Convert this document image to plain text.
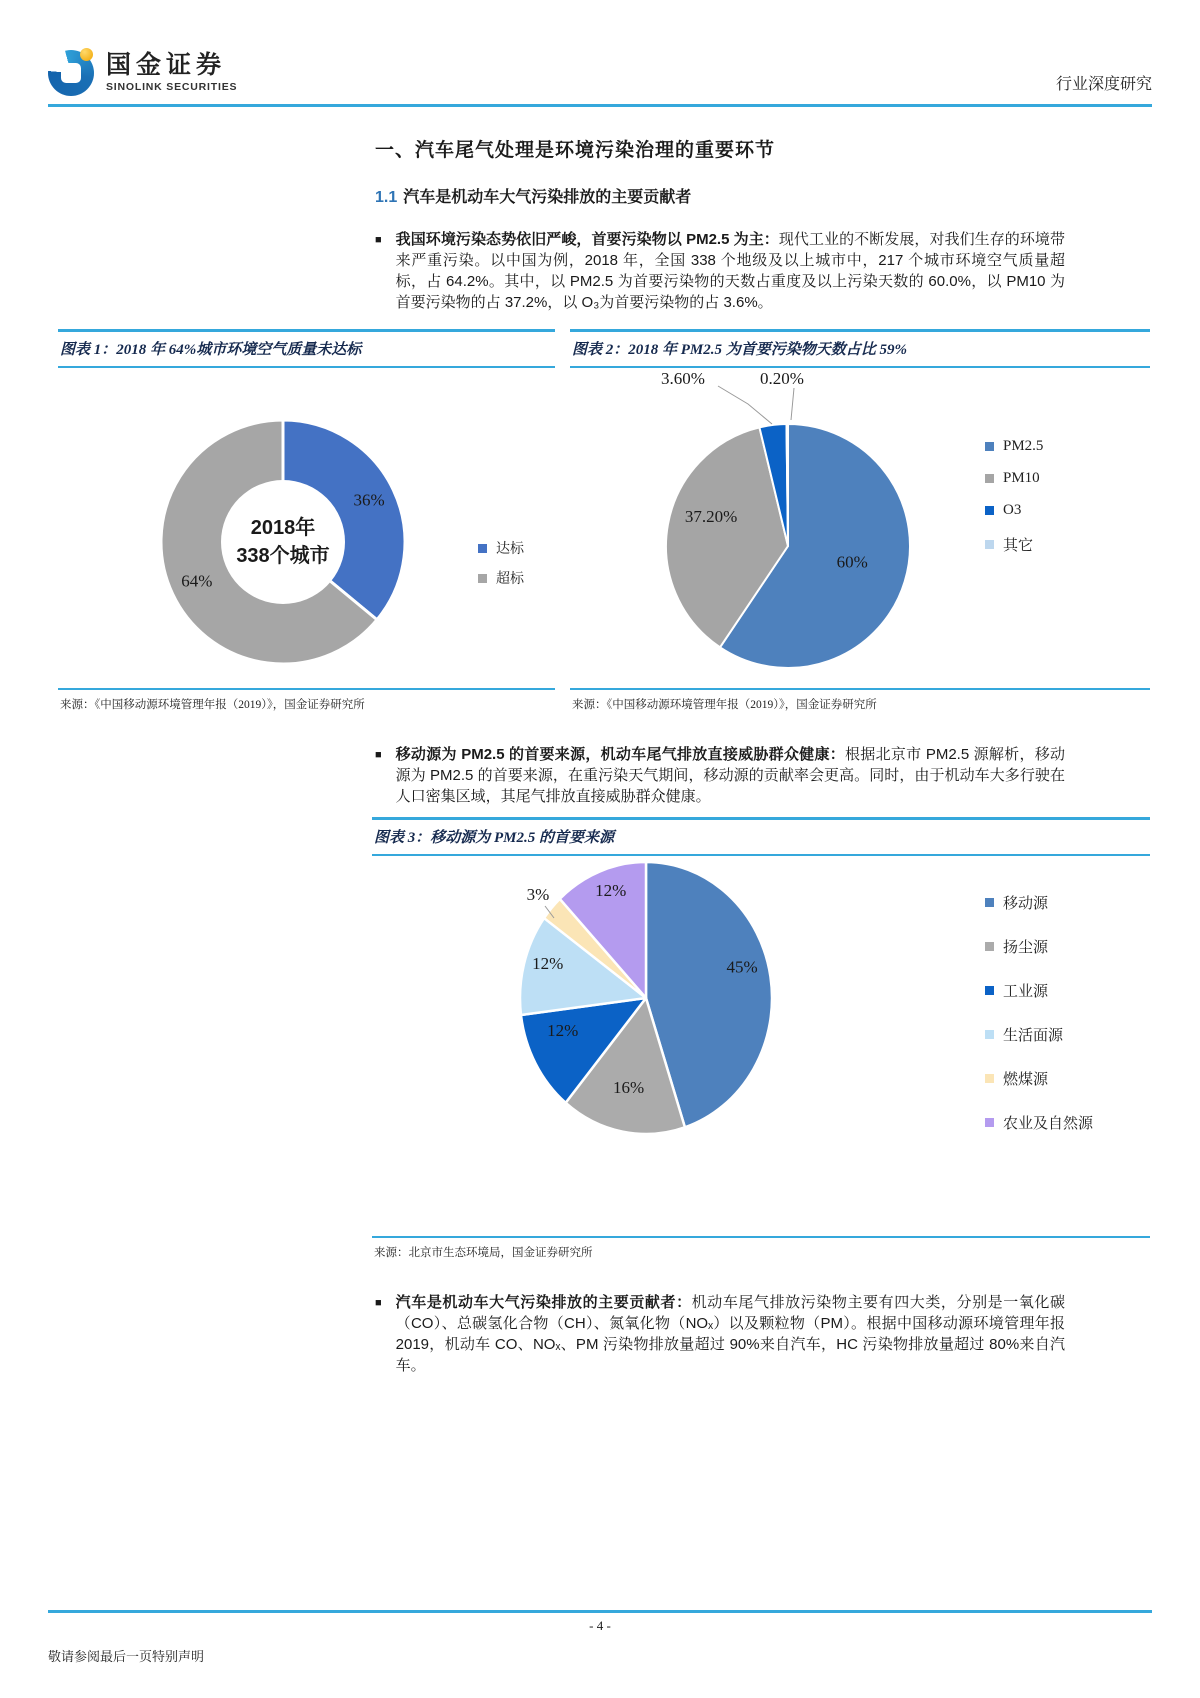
国金证券
SINOLINK SECURITIES	行业深度研究
一、汽车尾气处理是环境污染治理的重要环节
1.1 汽车是机动车大气污染排放的主要贡献者
■ 我国环境污染态势依旧严峻，首要污染物以 PM2.5 为主：现代工业的不断发展，对我们生存的环境带来严重污染。以中国为例，2018 年，全国 338 个地级及以上城市中，217 个城市环境空气质量超标，占 64.2%。其中，以 PM2.5 为首要污染物的天数占重度及以上污染天数的 60.0%，以 PM10 为首要污染物的占 37.2%，以 O₃为首要污染物的占 3.6%。

图表 1：2018 年 64%城市环境空气质量未达标
36%
64%
2018年
338个城市	达标
超标
来源：《中国移动源环境管理年报（2019）》，国金证券研究所
图表 2：2018 年 PM2.5 为首要污染物天数占比 59%
60%
37.20%
3.60%	0.20%
PM2.5
PM10
O3
其它
来源：《中国移动源环境管理年报（2019）》，国金证券研究所
■ 移动源为 PM2.5 的首要来源，机动车尾气排放直接威胁群众健康：根据北京市 PM2.5 源解析，移动源为 PM2.5 的首要来源，在重污染天气期间，移动源的贡献率会更高。同时，由于机动车大多行驶在人口密集区域，其尾气排放直接威胁群众健康。

图表 3：移动源为 PM2.5 的首要来源
45%
16%
12%
12%
3%	12%
移动源
扬尘源
工业源
生活面源
燃煤源
农业及自然源
来源：北京市生态环境局，国金证券研究所
■ 汽车是机动车大气污染排放的主要贡献者：机动车尾气排放污染物主要有四大类，分别是一氧化碳（CO）、总碳氢化合物（CH）、氮氧化物（NOₓ）以及颗粒物（PM）。根据中国移动源环境管理年报 2019，机动车 CO、NOₓ、PM 污染物排放量超过 90%来自汽车，HC 污染物排放量超过 80%来自汽车。

- 4 -
敬请参阅最后一页特别声明
